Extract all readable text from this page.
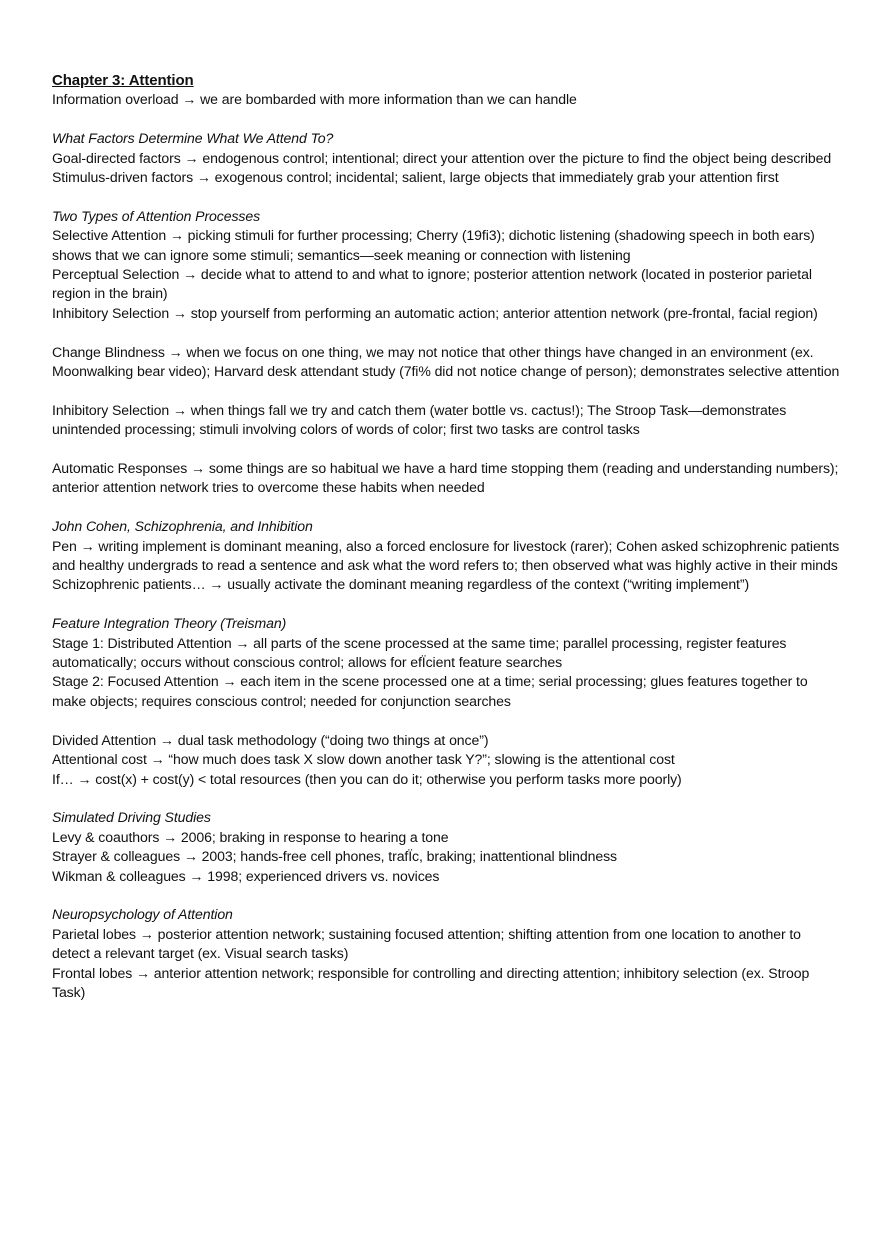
Chapter 3: Attention

Information overload → we are bombarded with more information than we can handle

What Factors Determine What We Attend To?

Goal-directed factors → endogenous control; intentional; direct your attention over the picture to find the object being described

Stimulus-driven factors → exogenous control; incidental; salient, large objects that immediately grab your attention first

Two Types of Attention Processes

Selective Attention → picking stimuli for further processing; Cherry (19fi3); dichotic listening (shadowing speech in both ears) shows that we can ignore some stimuli; semantics—seek meaning or connection with listening

Perceptual Selection → decide what to attend to and what to ignore; posterior attention network (located in posterior parietal region in the brain)

Inhibitory Selection → stop yourself from performing an automatic action; anterior attention network (pre-frontal, facial region)

Change Blindness → when we focus on one thing, we may not notice that other things have changed in an environment (ex. Moonwalking bear video); Harvard desk attendant study (7fi% did not notice change of person); demonstrates selective attention

Inhibitory Selection → when things fall we try and catch them (water bottle vs. cactus!); The Stroop Task—demonstrates unintended processing; stimuli involving colors of words of color; first two tasks are control tasks

Automatic Responses → some things are so habitual we have a hard time stopping them (reading and understanding numbers); anterior attention network tries to overcome these habits when needed

John Cohen, Schizophrenia, and Inhibition

Pen → writing implement is dominant meaning, also a forced enclosure for livestock (rarer); Cohen asked schizophrenic patients and healthy undergrads to read a sentence and ask what the word refers to; then observed what was highly active in their minds

Schizophrenic patients… → usually activate the dominant meaning regardless of the context (“writing implement”)

Feature Integration Theory (Treisman)

Stage 1: Distributed Attention → all parts of the scene processed at the same time; parallel processing, register features automatically; occurs without conscious control; allows for efÏcient feature searches

Stage 2: Focused Attention → each item in the scene processed one at a time; serial processing; glues features together to make objects; requires conscious control; needed for conjunction searches

Divided Attention → dual task methodology (“doing two things at once”)

Attentional cost → “how much does task X slow down another task Y?”; slowing is the attentional cost

If… → cost(x) + cost(y) < total resources (then you can do it; otherwise you perform tasks more poorly)

Simulated Driving Studies

Levy & coauthors → 2006; braking in response to hearing a tone

Strayer & colleagues → 2003; hands-free cell phones, trafÏc, braking; inattentional blindness

Wikman & colleagues → 1998; experienced drivers vs. novices

Neuropsychology of Attention

Parietal lobes → posterior attention network; sustaining focused attention; shifting attention from one location to another to detect a relevant target (ex. Visual search tasks)

Frontal lobes → anterior attention network; responsible for controlling and directing attention; inhibitory selection (ex. Stroop Task)
